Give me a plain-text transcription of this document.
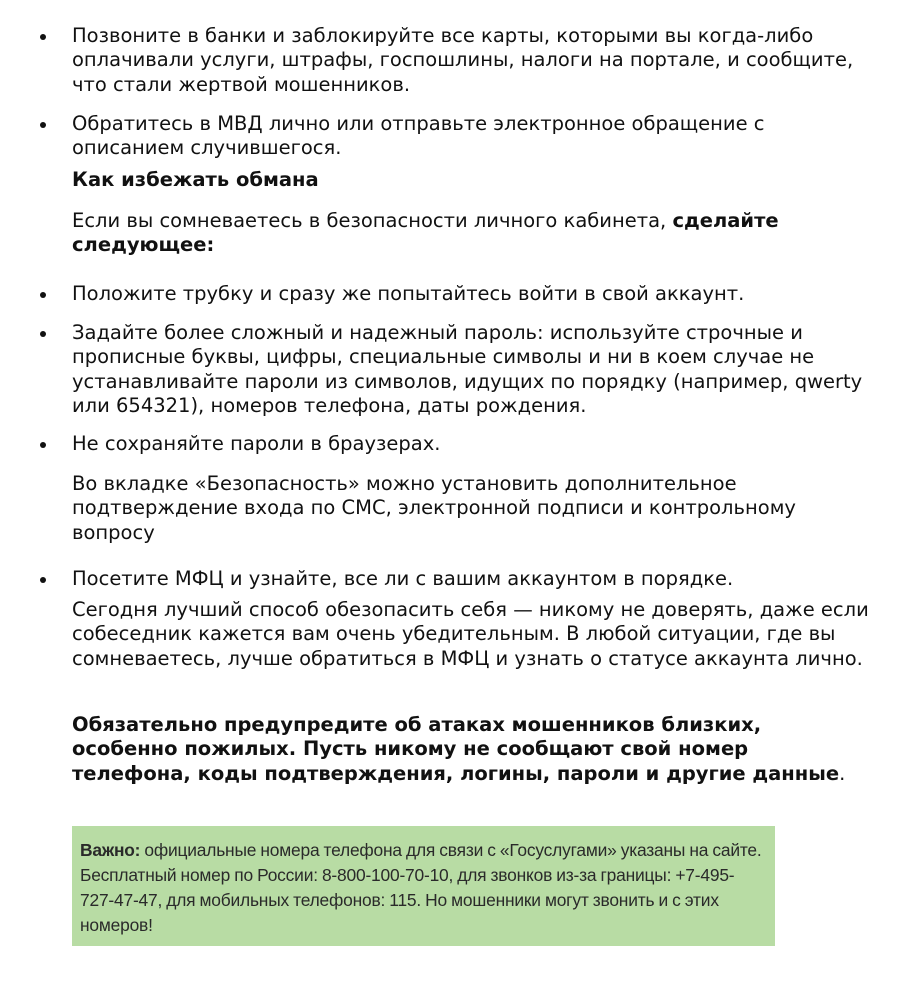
Позвоните в банки и заблокируйте все карты, которыми вы когда-либо оплачивали услуги, штрафы, госпошлины, налоги на портале, и сообщите, что стали жертвой мошенников.

Обратитесь в МВД лично или отправьте электронное обращение с описанием случившегося.

Как избежать обмана

Если вы сомневаетесь в безопасности личного кабинета, сделайте следующее:

Положите трубку и сразу же попытайтесь войти в свой аккаунт.

Задайте более сложный и надежный пароль: используйте строчные и прописные буквы, цифры, специальные символы и ни в коем случае не устанавливайте пароли из символов, идущих по порядку (например, qwerty или 654321), номеров телефона, даты рождения.

Не сохраняйте пароли в браузерах.

Во вкладке «Безопасность» можно установить дополнительное подтверждение входа по СМС, электронной подписи и контрольному вопросу

Посетите МФЦ и узнайте, все ли с вашим аккаунтом в порядке.

Сегодня лучший способ обезопасить себя — никому не доверять, даже если собеседник кажется вам очень убедительным. В любой ситуации, где вы сомневаетесь, лучше обратиться в МФЦ и узнать о статусе аккаунта лично.

Обязательно предупредите об атаках мошенников близких, особенно пожилых. Пусть никому не сообщают свой номер телефона, коды подтверждения, логины, пароли и другие данные.

Важно: официальные номера телефона для связи с «Госуслугами» указаны на сайте. Бесплатный номер по России: 8-800-100-70-10, для звонков из-за границы: +7-495-727-47-47, для мобильных телефонов: 115. Но мошенники могут звонить и с этих номеров!
